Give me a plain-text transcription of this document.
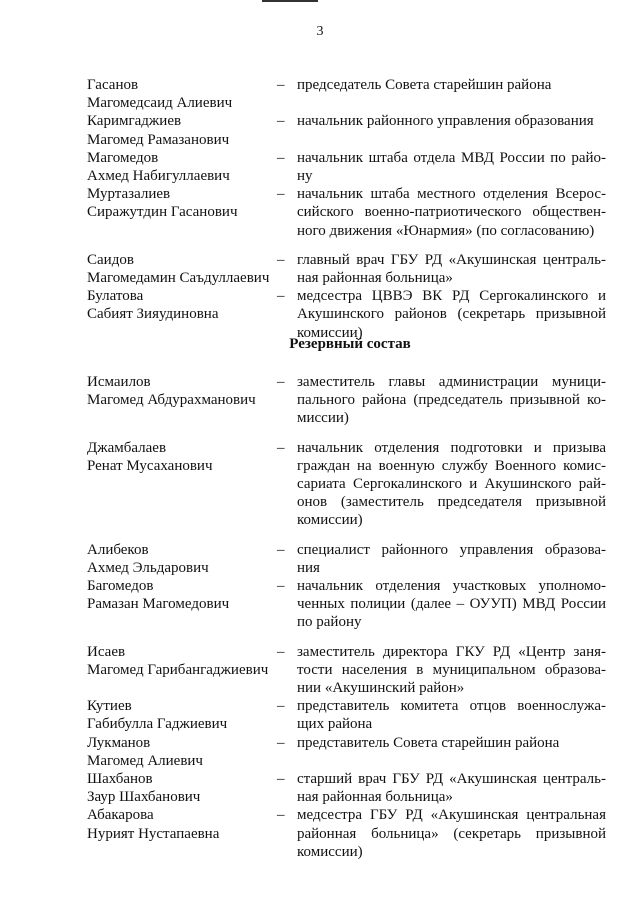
3
Гасанов
Магомедсаид Алиевич
– председатель Совета старейшин района
Каримгаджиев
Магомед Рамазанович
– начальник районного управления образования
Магомедов
Ахмед Набигуллаевич
– начальник штаба отдела МВД России по райо-
ну
Муртазалиев
Сиражутдин Гасанович
– начальник штаба местного отделения Всерос-
сийского военно-патриотического обществен-
ного движения «Юнармия» (по согласованию)
Саидов
Магомедамин Саъдуллаевич
– главный врач ГБУ РД «Акушинская централь-
ная районная больница»
Булатова
Сабият Зияудиновна
– медсестра ЦВВЭ ВК РД Сергокалинского и
Акушинского районов (секретарь призывной
комиссии)
Резервный состав
Исмаилов
Магомед Абдурахманович
– заместитель главы администрации муници-
пального района (председатель призывной ко-
миссии)
Джамбалаев
Ренат Мусаханович
– начальник отделения подготовки и призыва
граждан на военную службу Военного комис-
сариата Сергокалинского и Акушинского рай-
онов (заместитель председателя призывной
комиссии)
Алибеков
Ахмед Эльдарович
– специалист районного управления образова-
ния
Багомедов
Рамазан Магомедович
– начальник отделения участковых уполномо-
ченных полиции (далее – ОУУП) МВД России
по району
Исаев
Магомед Гарибангаджиевич
– заместитель директора ГКУ РД «Центр заня-
тости населения в муниципальном образова-
нии «Акушинский район»
Кутиев
Габибулла Гаджиевич
– представитель комитета отцов военнослужа-
щих района
Лукманов
Магомед Алиевич
– представитель Совета старейшин района
Шахбанов
Заур Шахбанович
– старший врач ГБУ РД «Акушинская централь-
ная районная больница»
Абакарова
Нурият Нустапаевна
– медсестра ГБУ РД «Акушинская центральная
районная больница» (секретарь призывной
комиссии)
